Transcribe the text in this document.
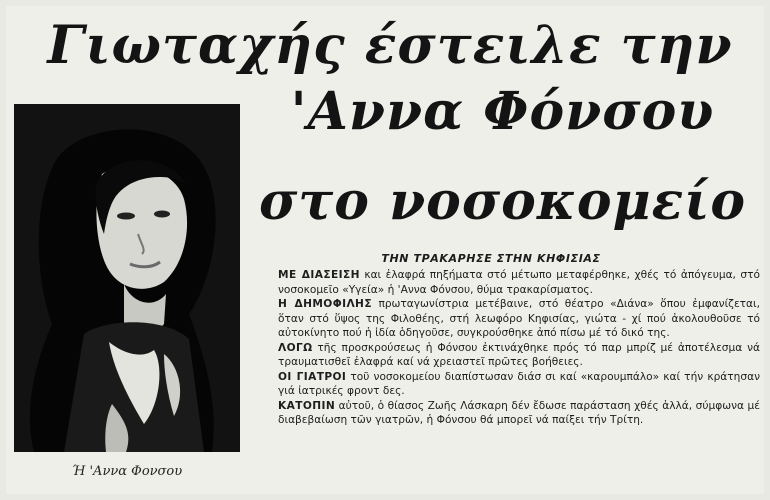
Γιωταχής έστειλε την
'Αννα Φόνσου
στο νοσοκομείο
Ή 'Αννα Φονσου
ΤΗΝ ΤΡΑΚΑΡΗΣΕ ΣΤΗΝ ΚΗΦΙΣΙΑΣ

ΜΕ ΔΙΑΣΕΙΣΗ και ἐλαφρά πηξήματα στό μέτωπο μεταφέρθηκε, χθές τό ἀπόγευμα, στό νοσοκομεῖο «Υγεία» ἡ 'Αννα Φόνσου, θύμα τρακαρίσματος.

Η ΔΗΜΟΦΙΛΗΣ πρωταγωνίστρια μετέβαινε, στό θέατρο «Διάνα» ὅπου ἐμφανίζεται, ὅταν στό ὕψος της Φιλοθέης, στή λεωφόρο Κηφισίας, γιώτα - χί πού ἀκολουθοῦσε τό αὐτοκίνητο πού ἡ ἰδία ὁδηγοῦσε, συγκρούσθηκε ἀπό πίσω μέ τό δικό της.

ΛΟΓΩ τῆς προσκρούσεως ἡ Φόνσου ἐκτινάχθηκε πρός τό παρ μπρίζ μέ ἀποτέλεσμα νά τραυματισθεῖ ἐλαφρά καί νά χρειαστεῖ πρῶτες βοήθειες.

ΟΙ ΓΙΑΤΡΟΙ τοῦ νοσοκομείου διαπίστωσαν διάσ σι καί «καρουμπάλο» καί τήν κράτησαν γιά ἰατρικές φροντ δες.

ΚΑΤΟΠΙΝ αὐτοῦ, ὁ θίασος Ζωῆς Λάσκαρη δέν ἔδωσε παράσταση χθές ἀλλά, σύμφωνα μέ διαβεβαίωση τῶν γιατρῶν, ἡ Φόνσου θά μπορεῖ νά παίξει τήν Τρίτη.
